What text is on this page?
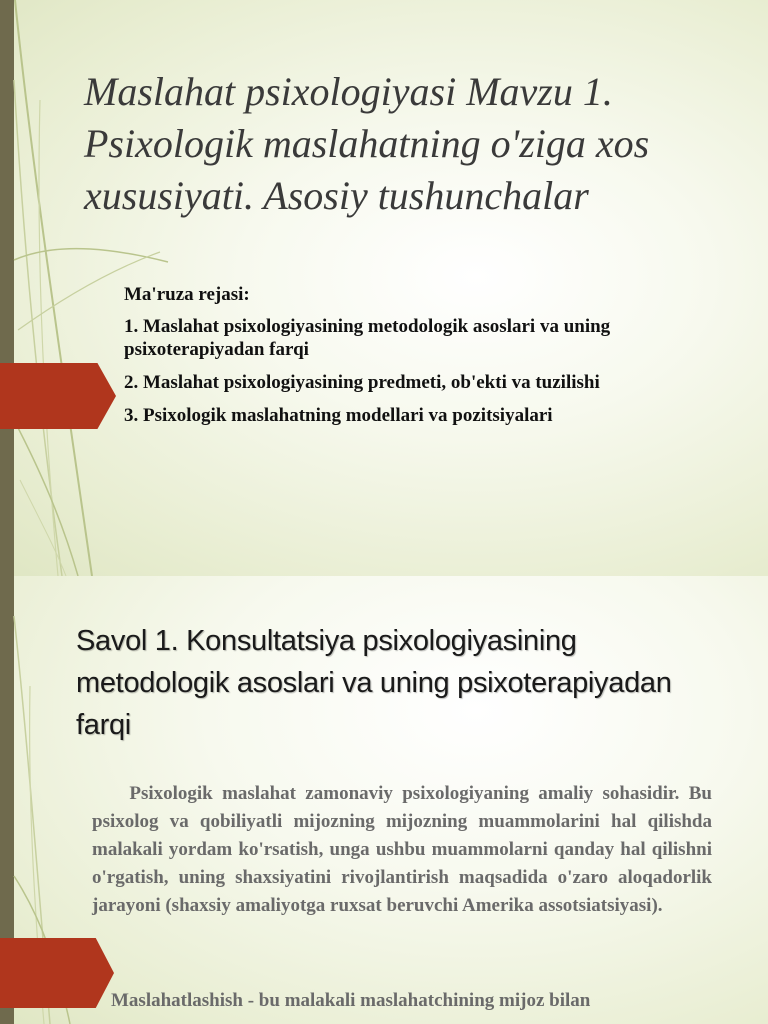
Maslahat psixologiyasi Mavzu 1. Psixologik maslahatning o'ziga xos xususiyati. Asosiy tushunchalar

Ma'ruza rejasi:

1. Maslahat psixologiyasining metodologik asoslari va uning psixoterapiyadan farqi
2. Maslahat psixologiyasining predmeti, ob'ekti va tuzilishi
3. Psixologik maslahatning modellari va pozitsiyalari
Savol 1. Konsultatsiya psixologiyasining metodologik asoslari va uning psixoterapiyadan farqi

Psixologik maslahat zamonaviy psixologiyaning amaliy sohasidir. Bu psixolog va qobiliyatli mijozning mijozning muammolarini hal qilishda malakali yordam ko'rsatish, unga ushbu muammolarni qanday hal qilishni o'rgatish, uning shaxsiyatini rivojlantirish maqsadida o'zaro aloqadorlik jarayoni (shaxsiy amaliyotga ruxsat beruvchi Amerika assotsiatsiyasi).

Maslahatlashish - bu malakali maslahatchining mijoz bilan
